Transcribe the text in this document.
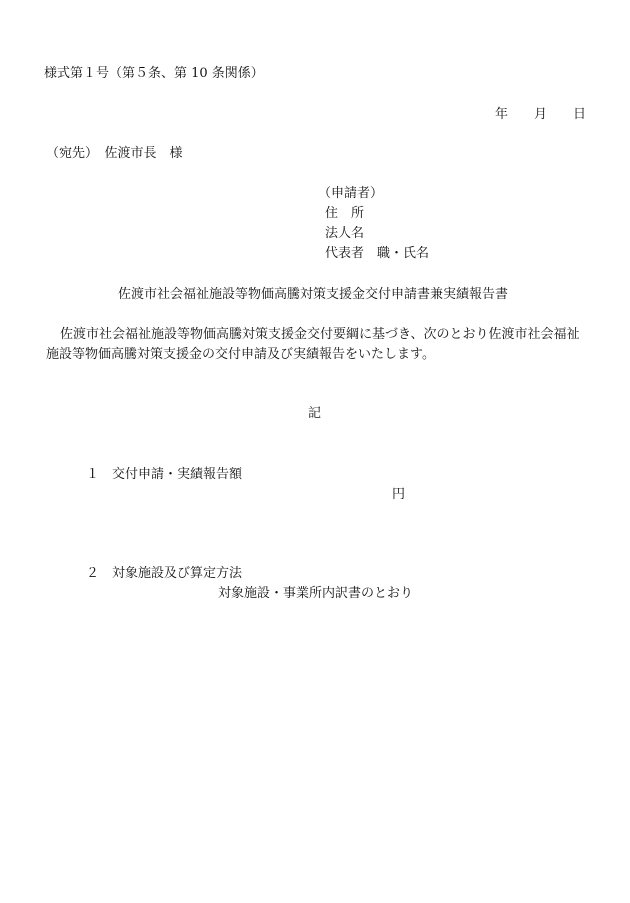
様式第１号（第５条、第 10 条関係）
年　　月　　日
（宛先）　佐渡市長　様
（申請者）
住　所
法人名
代表者　職・氏名
佐渡市社会福祉施設等物価高騰対策支援金交付申請書兼実績報告書
佐渡市社会福祉施設等物価高騰対策支援金交付要綱に基づき、次のとおり佐渡市社会福祉
施設等物価高騰対策支援金の交付申請及び実績報告をいたします。
記
１　交付申請・実績報告額
円
２　対象施設及び算定方法
対象施設・事業所内訳書のとおり
